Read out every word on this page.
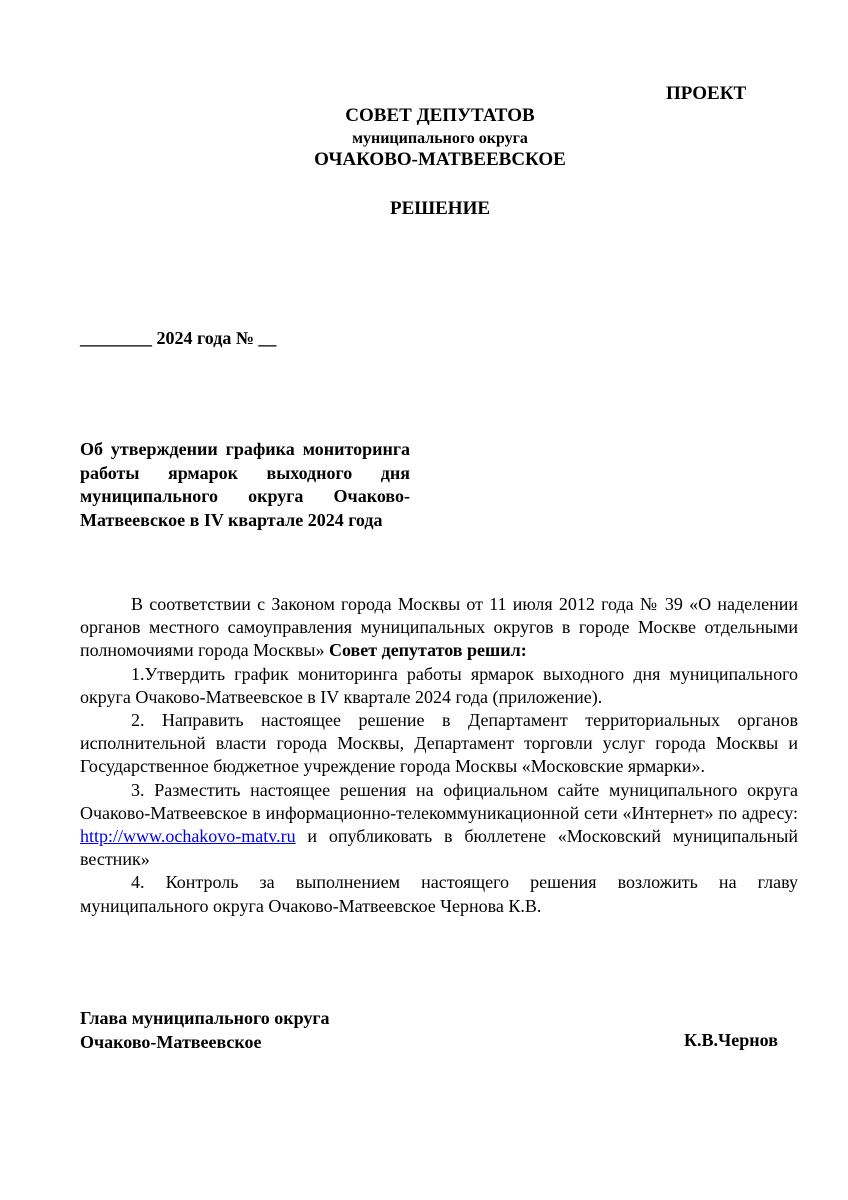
ПРОЕКТ
СОВЕТ ДЕПУТАТОВ
муниципального округа
ОЧАКОВО-МАТВЕЕВСКОЕ
РЕШЕНИЕ
________ 2024 года № __
Об утверждении графика мониторинга работы ярмарок выходного дня муниципального округа Очаково-Матвеевское в IV квартале 2024 года

В соответствии с Законом города Москвы от 11 июля 2012 года № 39 «О наделении органов местного самоуправления муниципальных округов в городе Москве отдельными полномочиями города Москвы» Совет депутатов решил:

1.Утвердить график мониторинга работы ярмарок выходного дня муниципального округа Очаково-Матвеевское в IV квартале 2024 года (приложение).

2. Направить настоящее решение в Департамент территориальных органов исполнительной власти города Москвы, Департамент торговли услуг города Москвы и Государственное бюджетное учреждение города Москвы «Московские ярмарки».

3. Разместить настоящее решения на официальном сайте муниципального округа Очаково-Матвеевское в информационно-телекоммуникационной сети «Интернет» по адресу: http://www.ochakovo-matv.ru и опубликовать в бюллетене «Московский муниципальный вестник»

4. Контроль за выполнением настоящего решения возложить на главу муниципального округа Очаково-Матвеевское Чернова К.В.

Глава муниципального округа
Очаково-Матвеевское	К.В.Чернов
